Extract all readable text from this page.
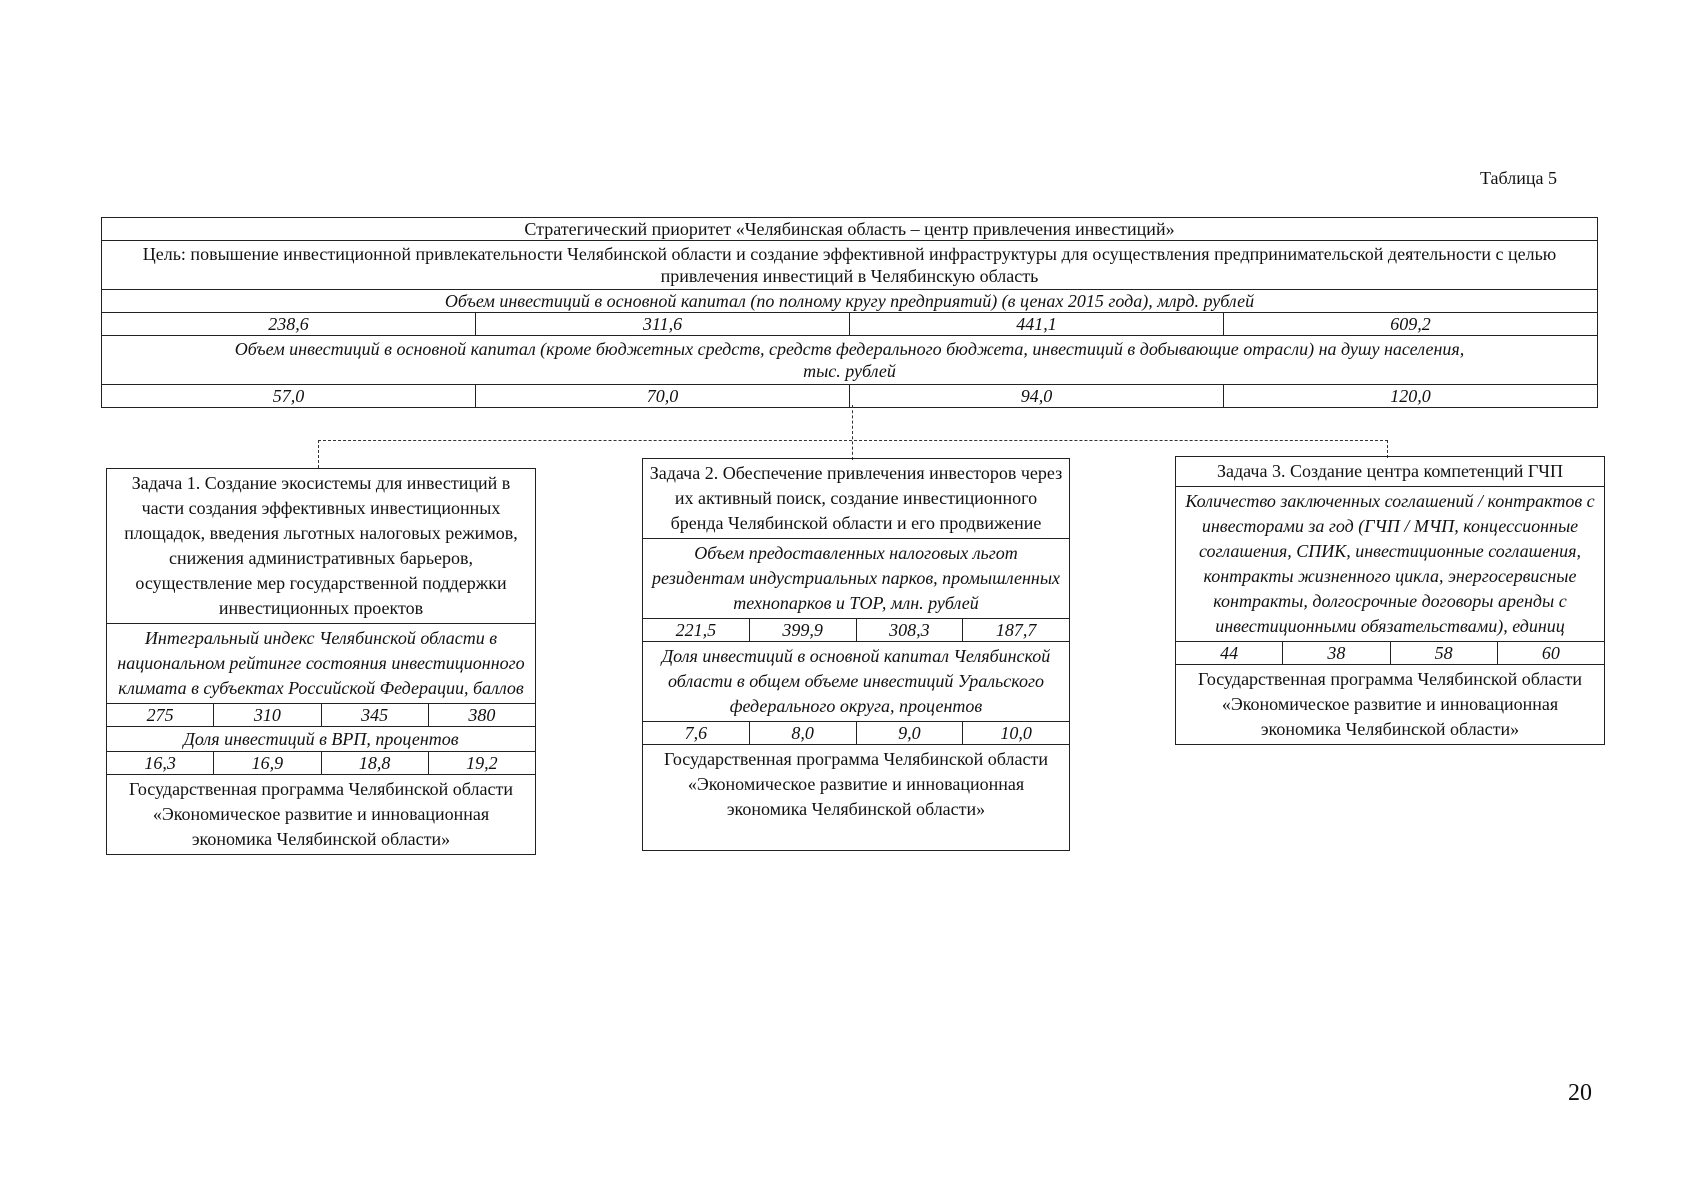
Таблица 5
Стратегический приоритет «Челябинская область – центр привлечения инвестиций»			
Цель: повышение инвестиционной привлекательности Челябинской области и создание эффективной инфраструктуры для осуществления предпринимательской деятельности с целью привлечения инвестиций в Челябинскую область			
Объем инвестиций в основной капитал (по полному кругу предприятий) (в ценах 2015 года), млрд. рублей			
238,6	311,6	441,1	609,2
Объем инвестиций в основной капитал (кроме бюджетных средств, средств федерального бюджета, инвестиций в добывающие отрасли) на душу населения, тыс. рублей			
57,0	70,0	94,0	120,0
Задача 1. Создание экосистемы для инвестиций в части создания эффективных инвестиционных площадок, введения льготных налоговых режимов, снижения административных барьеров, осуществление мер государственной поддержки инвестиционных проектов
Интегральный индекс Челябинской области в национальном рейтинге состояния инвестиционного климата в субъектах Российской Федерации, баллов
275	310	345	380
Доля инвестиций в ВРП, процентов
16,3	16,9	18,8	19,2
Государственная программа Челябинской области «Экономическое развитие и инновационная экономика Челябинской области»
Задача 2. Обеспечение привлечения инвесторов через их активный поиск, создание инвестиционного бренда Челябинской области и его продвижение
Объем предоставленных налоговых льгот резидентам индустриальных парков, промышленных технопарков и ТОР, млн. рублей
221,5	399,9	308,3	187,7
Доля инвестиций в основной капитал Челябинской области в общем объеме инвестиций Уральского федерального округа, процентов
7,6	8,0	9,0	10,0
Государственная программа Челябинской области «Экономическое развитие и инновационная экономика Челябинской области»
Задача 3. Создание центра компетенций ГЧП
Количество заключенных соглашений / контрактов с инвесторами за год (ГЧП / МЧП, концессионные соглашения, СПИК, инвестиционные соглашения, контракты жизненного цикла, энергосервисные контракты, долгосрочные договоры аренды с инвестиционными обязательствами), единиц
44	38	58	60
Государственная программа Челябинской области «Экономическое развитие и инновационная экономика Челябинской области»
20
